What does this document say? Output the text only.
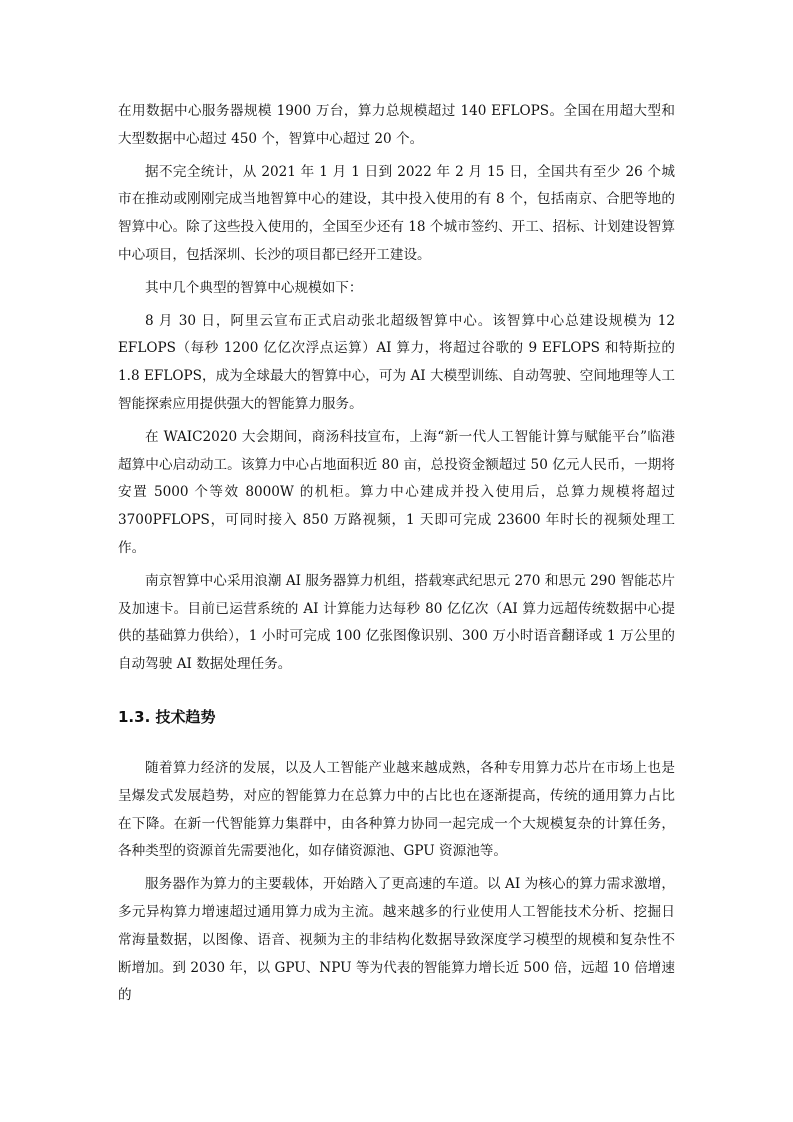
在用数据中心服务器规模 1900 万台，算力总规模超过 140 EFLOPS。全国在用超大型和大型数据中心超过 450 个，智算中心超过 20 个。

据不完全统计，从 2021 年 1 月 1 日到 2022 年 2 月 15 日，全国共有至少 26 个城市在推动或刚刚完成当地智算中心的建设，其中投入使用的有 8 个，包括南京、合肥等地的智算中心。除了这些投入使用的，全国至少还有 18 个城市签约、开工、招标、计划建设智算中心项目，包括深圳、长沙的项目都已经开工建设。

其中几个典型的智算中心规模如下：

8 月 30 日，阿里云宣布正式启动张北超级智算中心。该智算中心总建设规模为 12 EFLOPS（每秒 1200 亿亿次浮点运算）AI 算力，将超过谷歌的 9 EFLOPS 和特斯拉的 1.8 EFLOPS，成为全球最大的智算中心，可为 AI 大模型训练、自动驾驶、空间地理等人工智能探索应用提供强大的智能算力服务。

在 WAIC2020 大会期间，商汤科技宣布，上海“新一代人工智能计算与赋能平台”临港超算中心启动动工。该算力中心占地面积近 80 亩，总投资金额超过 50 亿元人民币，一期将安置 5000 个等效 8000W 的机柜。算力中心建成并投入使用后，总算力规模将超过 3700PFLOPS，可同时接入 850 万路视频，1 天即可完成 23600 年时长的视频处理工作。

南京智算中心采用浪潮 AI 服务器算力机组，搭载寒武纪思元 270 和思元 290 智能芯片及加速卡。目前已运营系统的 AI 计算能力达每秒 80 亿亿次（AI 算力远超传统数据中心提供的基础算力供给），1 小时可完成 100 亿张图像识别、300 万小时语音翻译或 1 万公里的自动驾驶 AI 数据处理任务。

1.3. 技术趋势

随着算力经济的发展，以及人工智能产业越来越成熟，各种专用算力芯片在市场上也是呈爆发式发展趋势，对应的智能算力在总算力中的占比也在逐渐提高，传统的通用算力占比在下降。在新一代智能算力集群中，由各种算力协同一起完成一个大规模复杂的计算任务，各种类型的资源首先需要池化，如存储资源池、GPU 资源池等。

服务器作为算力的主要载体，开始踏入了更高速的车道。以 AI 为核心的算力需求激增，多元异构算力增速超过通用算力成为主流。越来越多的行业使用人工智能技术分析、挖掘日常海量数据，以图像、语音、视频为主的非结构化数据导致深度学习模型的规模和复杂性不断增加。到 2030 年，以 GPU、NPU 等为代表的智能算力增长近 500 倍，远超 10 倍增速的
